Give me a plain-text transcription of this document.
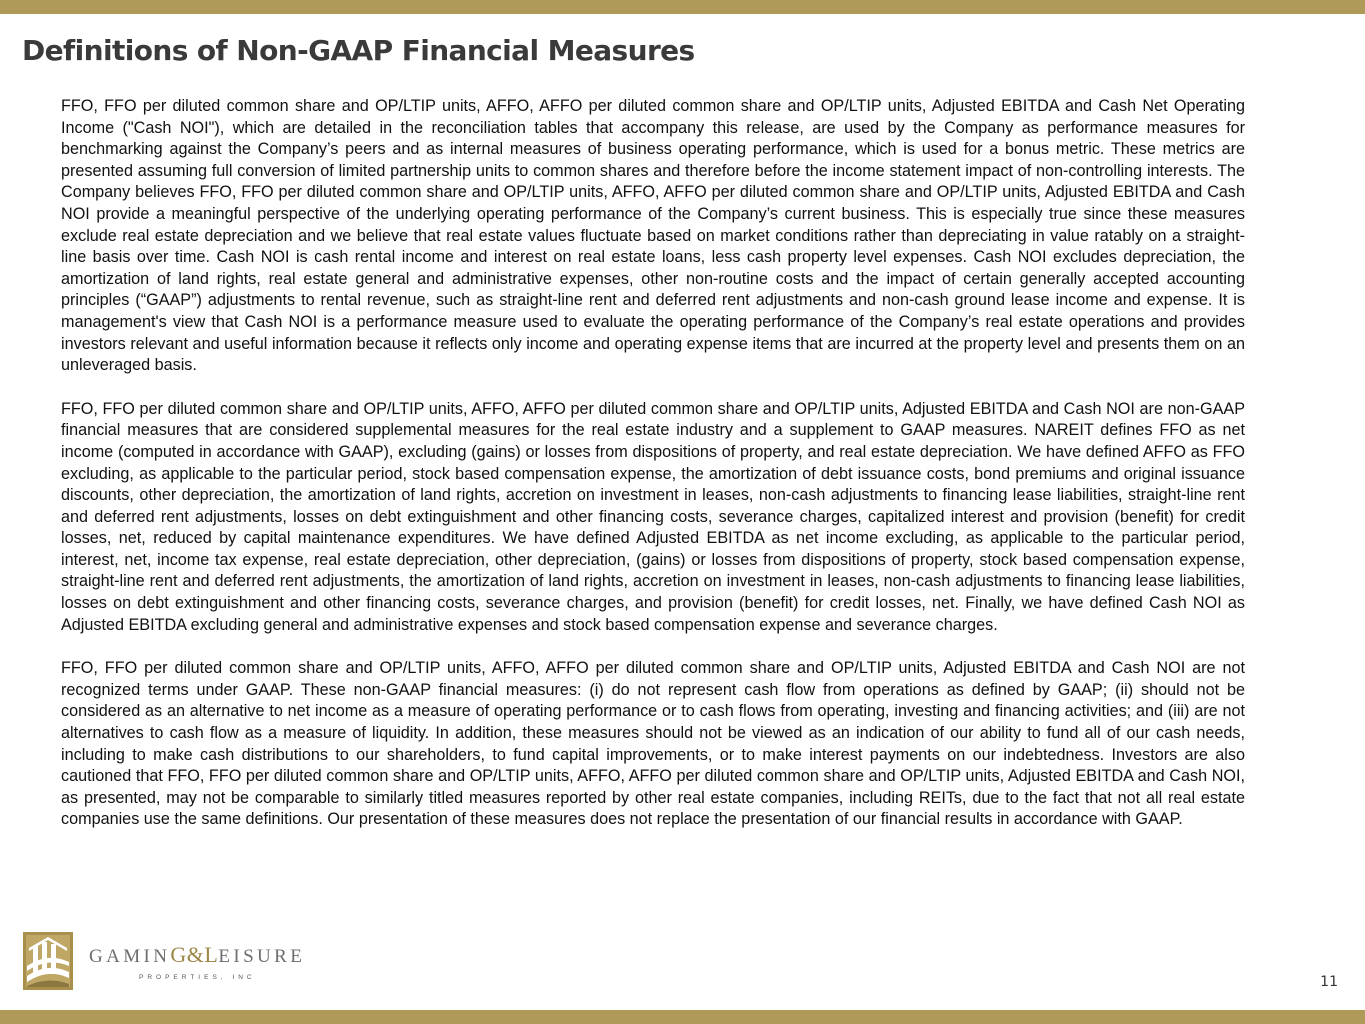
Definitions of Non-GAAP Financial Measures

FFO, FFO per diluted common share and OP/LTIP units, AFFO, AFFO per diluted common share and OP/LTIP units, Adjusted EBITDA and Cash Net Operating Income ("Cash NOI"), which are detailed in the reconciliation tables that accompany this release, are used by the Company as performance measures for benchmarking against the Company’s peers and as internal measures of business operating performance, which is used for a bonus metric. These metrics are presented assuming full conversion of limited partnership units to common shares and therefore before the income statement impact of non-controlling interests. The Company believes FFO, FFO per diluted common share and OP/LTIP units, AFFO, AFFO per diluted common share and OP/LTIP units, Adjusted EBITDA and Cash NOI provide a meaningful perspective of the underlying operating performance of the Company’s current business. This is especially true since these measures exclude real estate depreciation and we believe that real estate values fluctuate based on market conditions rather than depreciating in value ratably on a straight-line basis over time. Cash NOI is cash rental income and interest on real estate loans, less cash property level expenses. Cash NOI excludes depreciation, the amortization of land rights, real estate general and administrative expenses, other non-routine costs and the impact of certain generally accepted accounting principles (“GAAP”) adjustments to rental revenue, such as straight-line rent and deferred rent adjustments and non-cash ground lease income and expense. It is management's view that Cash NOI is a performance measure used to evaluate the operating performance of the Company’s real estate operations and provides investors relevant and useful information because it reflects only income and operating expense items that are incurred at the property level and presents them on an unleveraged basis.

FFO, FFO per diluted common share and OP/LTIP units, AFFO, AFFO per diluted common share and OP/LTIP units, Adjusted EBITDA and Cash NOI are non-GAAP financial measures that are considered supplemental measures for the real estate industry and a supplement to GAAP measures. NAREIT defines FFO as net income (computed in accordance with GAAP), excluding (gains) or losses from dispositions of property, and real estate depreciation. We have defined AFFO as FFO excluding, as applicable to the particular period, stock based compensation expense, the amortization of debt issuance costs, bond premiums and original issuance discounts, other depreciation, the amortization of land rights, accretion on investment in leases, non-cash adjustments to financing lease liabilities, straight-line rent and deferred rent adjustments, losses on debt extinguishment and other financing costs, severance charges, capitalized interest and provision (benefit) for credit losses, net, reduced by capital maintenance expenditures. We have defined Adjusted EBITDA as net income excluding, as applicable to the particular period, interest, net, income tax expense, real estate depreciation, other depreciation, (gains) or losses from dispositions of property, stock based compensation expense, straight-line rent and deferred rent adjustments, the amortization of land rights, accretion on investment in leases, non-cash adjustments to financing lease liabilities, losses on debt extinguishment and other financing costs, severance charges, and provision (benefit) for credit losses, net. Finally, we have defined Cash NOI as Adjusted EBITDA excluding general and administrative expenses and stock based compensation expense and severance charges.

FFO, FFO per diluted common share and OP/LTIP units, AFFO, AFFO per diluted common share and OP/LTIP units, Adjusted EBITDA and Cash NOI are not recognized terms under GAAP. These non-GAAP financial measures: (i) do not represent cash flow from operations as defined by GAAP; (ii) should not be considered as an alternative to net income as a measure of operating performance or to cash flows from operating, investing and financing activities; and (iii) are not alternatives to cash flow as a measure of liquidity. In addition, these measures should not be viewed as an indication of our ability to fund all of our cash needs, including to make cash distributions to our shareholders, to fund capital improvements, or to make interest payments on our indebtedness. Investors are also cautioned that FFO, FFO per diluted common share and OP/LTIP units, AFFO, AFFO per diluted common share and OP/LTIP units, Adjusted EBITDA and Cash NOI, as presented, may not be comparable to similarly titled measures reported by other real estate companies, including REITs, due to the fact that not all real estate companies use the same definitions. Our presentation of these measures does not replace the presentation of our financial results in accordance with GAAP.

GAMING&LEISURE
PROPERTIES, INC	11
